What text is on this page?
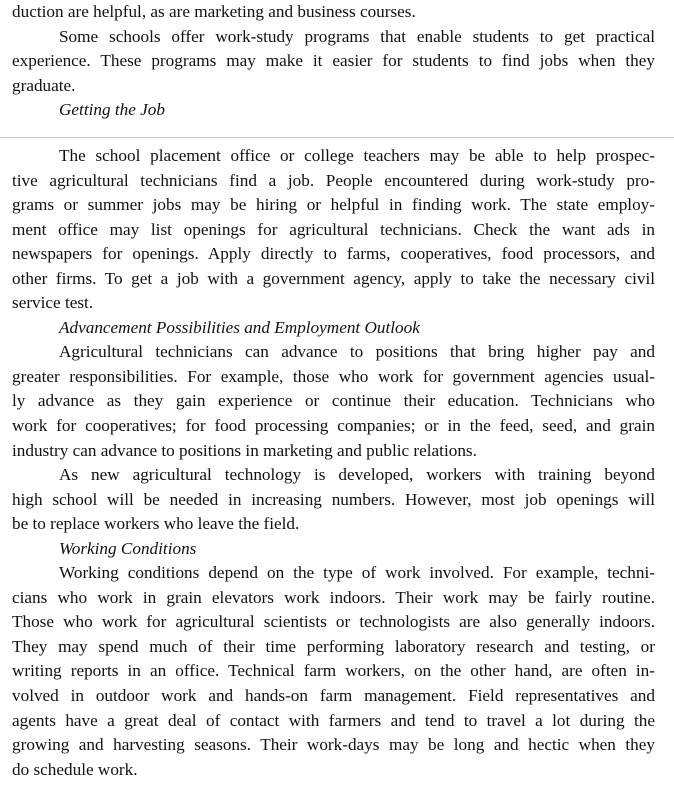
duction are helpful, as are marketing and business courses.
Some schools offer work-study programs that enable students to get practical
experience. These programs may make it easier for students to find jobs when they
graduate.
Getting the Job
The school placement office or college teachers may be able to help prospec-
tive agricultural technicians find a job. People encountered during work-study pro-
grams or summer jobs may be hiring or helpful in finding work. The state employ-
ment office may list openings for agricultural technicians. Check the want ads in
newspapers for openings. Apply directly to farms, cooperatives, food processors, and
other firms. To get a job with a government agency, apply to take the necessary civil
service test.
Advancement Possibilities and Employment Outlook
Agricultural technicians can advance to positions that bring higher pay and
greater responsibilities. For example, those who work for government agencies usual-
ly advance as they gain experience or continue their education. Technicians who
work for cooperatives; for food processing companies; or in the feed, seed, and grain
industry can advance to positions in marketing and public relations.
As new agricultural technology is developed, workers with training beyond
high school will be needed in increasing numbers. However, most job openings will
be to replace workers who leave the field.
Working Conditions
Working conditions depend on the type of work involved. For example, techni-
cians who work in grain elevators work indoors. Their work may be fairly routine.
Those who work for agricultural scientists or technologists are also generally indoors.
They may spend much of their time performing laboratory research and testing, or
writing reports in an office. Technical farm workers, on the other hand, are often in-
volved in outdoor work and hands-on farm management. Field representatives and
agents have a great deal of contact with farmers and tend to travel a lot during the
growing and harvesting seasons. Their work-days may be long and hectic when they
do schedule work.
